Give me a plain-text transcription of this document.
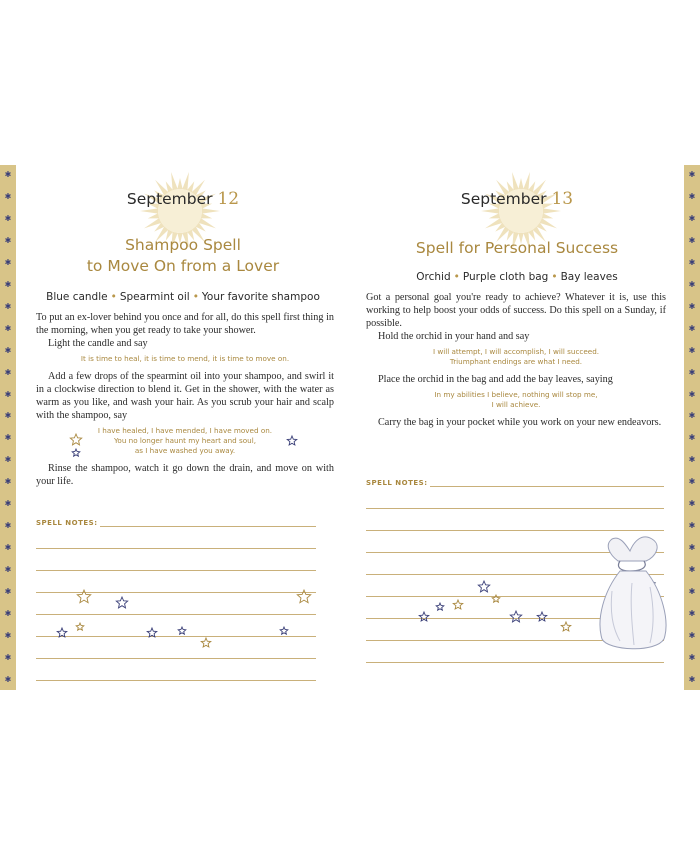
✱
✱
✱
✱
✱
✱
✱
✱
✱
✱
✱
✱
✱
✱
✱
✱
✱
✱
✱
✱
✱
✱
✱
✱
✱
✱
✱
✱
✱
✱
✱
✱
✱
✱
✱
✱
✱
✱
✱
✱
✱
✱
✱
✱
✱
✱
✱
✱
September 12
Shampoo Spell
to Move On from a Lover
Blue candle • Spearmint oil • Your favorite shampoo

To put an ex-lover behind you once and for all, do this spell first thing in the morning, when you get ready to take your shower.

Light the candle and say

It is time to heal, it is time to mend, it is time to move on.

Add a few drops of the spearmint oil into your shampoo, and swirl it in a clockwise direction to blend it. Get in the shower, with the water as warm as you like, and wash your hair. As you scrub your hair and scalp with the shampoo, say

I have healed, I have mended, I have moved on.
You no longer haunt my heart and soul,
as I have washed you away.

Rinse the shampoo, watch it go down the drain, and move on with your life.

SPELL NOTES:
September 13
Spell for Personal Success
Orchid • Purple cloth bag • Bay leaves

Got a personal goal you're ready to achieve? Whatever it is, use this working to help boost your odds of success. Do this spell on a Sunday, if possible.

Hold the orchid in your hand and say

I will attempt, I will accomplish, I will succeed.
Triumphant endings are what I need.

Place the orchid in the bag and add the bay leaves, saying

In my abilities I believe, nothing will stop me,
I will achieve.

Carry the bag in your pocket while you work on your new endeavors.

SPELL NOTES:
